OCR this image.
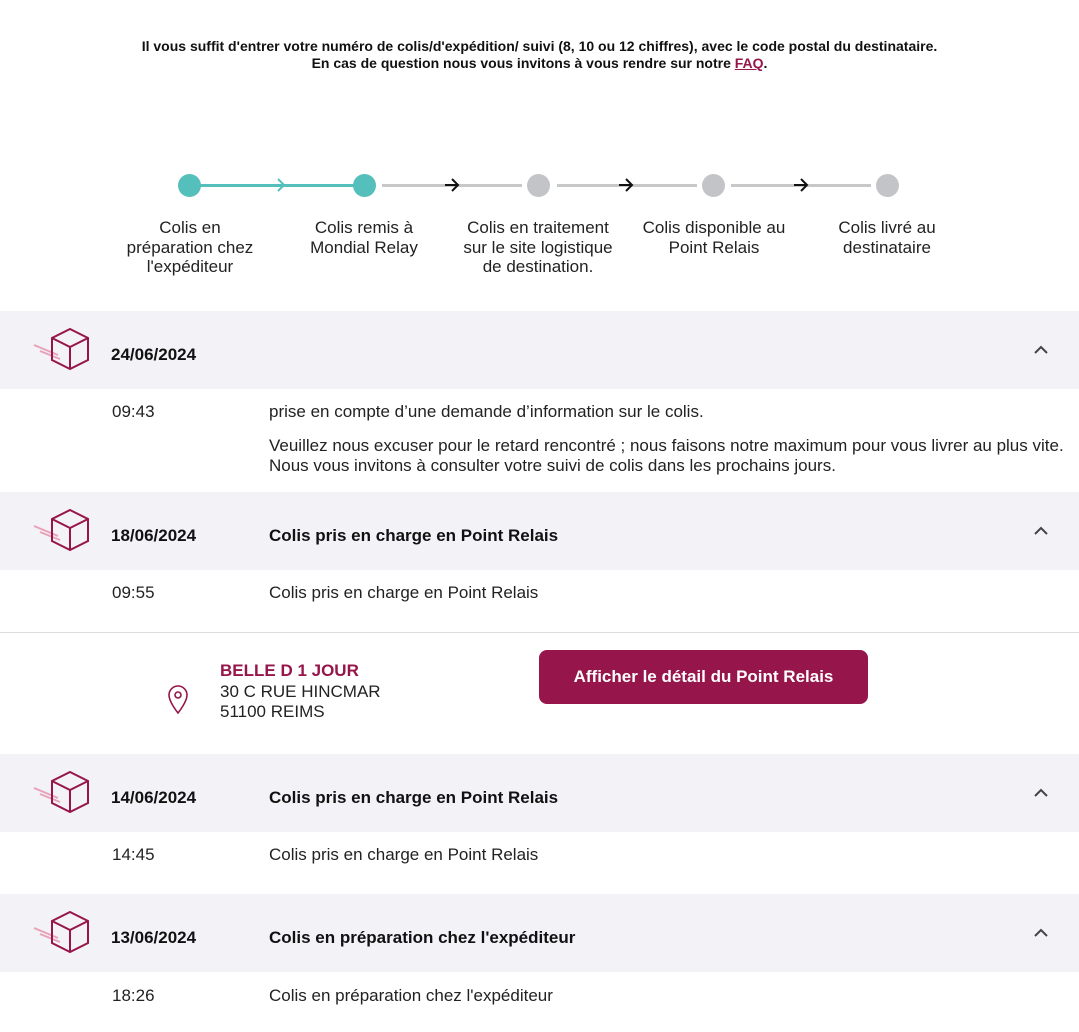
Il vous suffit d'entrer votre numéro de colis/d'expédition/ suivi (8, 10 ou 12 chiffres), avec le code postal du destinataire.
En cas de question nous vous invitons à vous rendre sur notre FAQ.
Colis en préparation chez l'expéditeur
Colis remis à Mondial Relay
Colis en traitement sur le site logistique de destination.
Colis disponible au Point Relais
Colis livré au destinataire
24/06/2024
09:43	prise en compte d’une demande d’information sur le colis.
Veuillez nous excuser pour le retard rencontré ; nous faisons notre maximum pour vous livrer au plus vite. Nous vous invitons à consulter votre suivi de colis dans les prochains jours.
18/06/2024	Colis pris en charge en Point Relais
09:55	Colis pris en charge en Point Relais
BELLE D 1 JOUR
30 C RUE HINCMAR
51100 REIMS
Afficher le détail du Point Relais
14/06/2024	Colis pris en charge en Point Relais
14:45	Colis pris en charge en Point Relais
13/06/2024	Colis en préparation chez l'expéditeur
18:26	Colis en préparation chez l'expéditeur
